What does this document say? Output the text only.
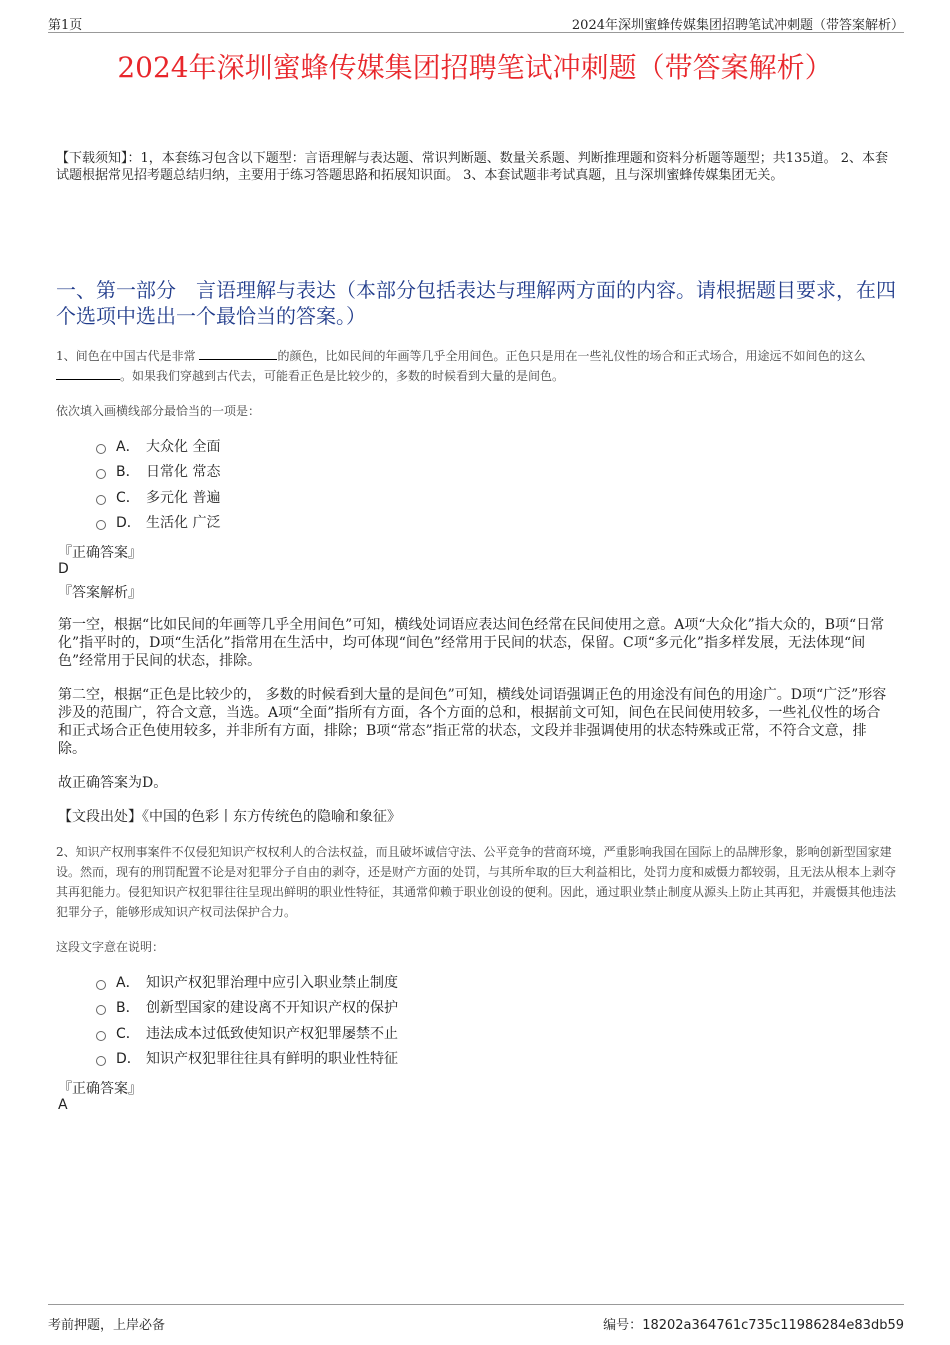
第1页	2024年深圳蜜蜂传媒集团招聘笔试冲刺题（带答案解析）
2024年深圳蜜蜂传媒集团招聘笔试冲刺题（带答案解析）
【下载须知】：1，本套练习包含以下题型：言语理解与表达题、常识判断题、数量关系题、判断推理题和资料分析题等题型；共135道。 2、本套试题根据常见招考题总结归纳，主要用于练习答题思路和拓展知识面。 3、本套试题非考试真题，且与深圳蜜蜂传媒集团无关。
一、第一部分　言语理解与表达（本部分包括表达与理解两方面的内容。请根据题目要求，在四个选项中选出一个最恰当的答案。）
1、间色在中国古代是非常	的颜色，比如民间的年画等几乎全用间色。正色只是用在一些礼仪性的场合和正式场合，用途远不如间色的这么 。如果我们穿越到古代去，可能看正色是比较少的，多数的时候看到大量的是间色。
依次填入画横线部分最恰当的一项是：
A． 大众化 全面
B． 日常化 常态
C． 多元化 普遍
D． 生活化 广泛
『正确答案』
D
『答案解析』
第一空，根据“比如民间的年画等几乎全用间色”可知，横线处词语应表达间色经常在民间使用之意。A项“大众化”指大众的，B项“日常化”指平时的，D项“生活化”指常用在生活中，均可体现“间色”经常用于民间的状态，保留。C项“多元化”指多样发展，无法体现“间色”经常用于民间的状态，排除。
第二空，根据“正色是比较少的， 多数的时候看到大量的是间色”可知，横线处词语强调正色的用途没有间色的用途广。D项“广泛”形容涉及的范围广，符合文意，当选。A项“全面”指所有方面，各个方面的总和，根据前文可知，间色在民间使用较多，一些礼仪性的场合和正式场合正色使用较多，并非所有方面，排除；B项“常态”指正常的状态，文段并非强调使用的状态特殊或正常，不符合文意，排除。
故正确答案为D。
【文段出处】《中国的色彩丨东方传统色的隐喻和象征》
2、知识产权刑事案件不仅侵犯知识产权权利人的合法权益，而且破坏诚信守法、公平竞争的营商环境，严重影响我国在国际上的品牌形象，影响创新型国家建设。然而，现有的刑罚配置不论是对犯罪分子自由的剥夺，还是财产方面的处罚，与其所牟取的巨大利益相比，处罚力度和威慑力都较弱，且无法从根本上剥夺其再犯能力。侵犯知识产权犯罪往往呈现出鲜明的职业性特征，其通常仰赖于职业创设的便利。因此，通过职业禁止制度从源头上防止其再犯，并震慑其他违法犯罪分子，能够形成知识产权司法保护合力。
这段文字意在说明：
A． 知识产权犯罪治理中应引入职业禁止制度
B． 创新型国家的建设离不开知识产权的保护
C． 违法成本过低致使知识产权犯罪屡禁不止
D． 知识产权犯罪往往具有鲜明的职业性特征
『正确答案』
A
考前押题，上岸必备	编号：18202a364761c735c11986284e83db59
